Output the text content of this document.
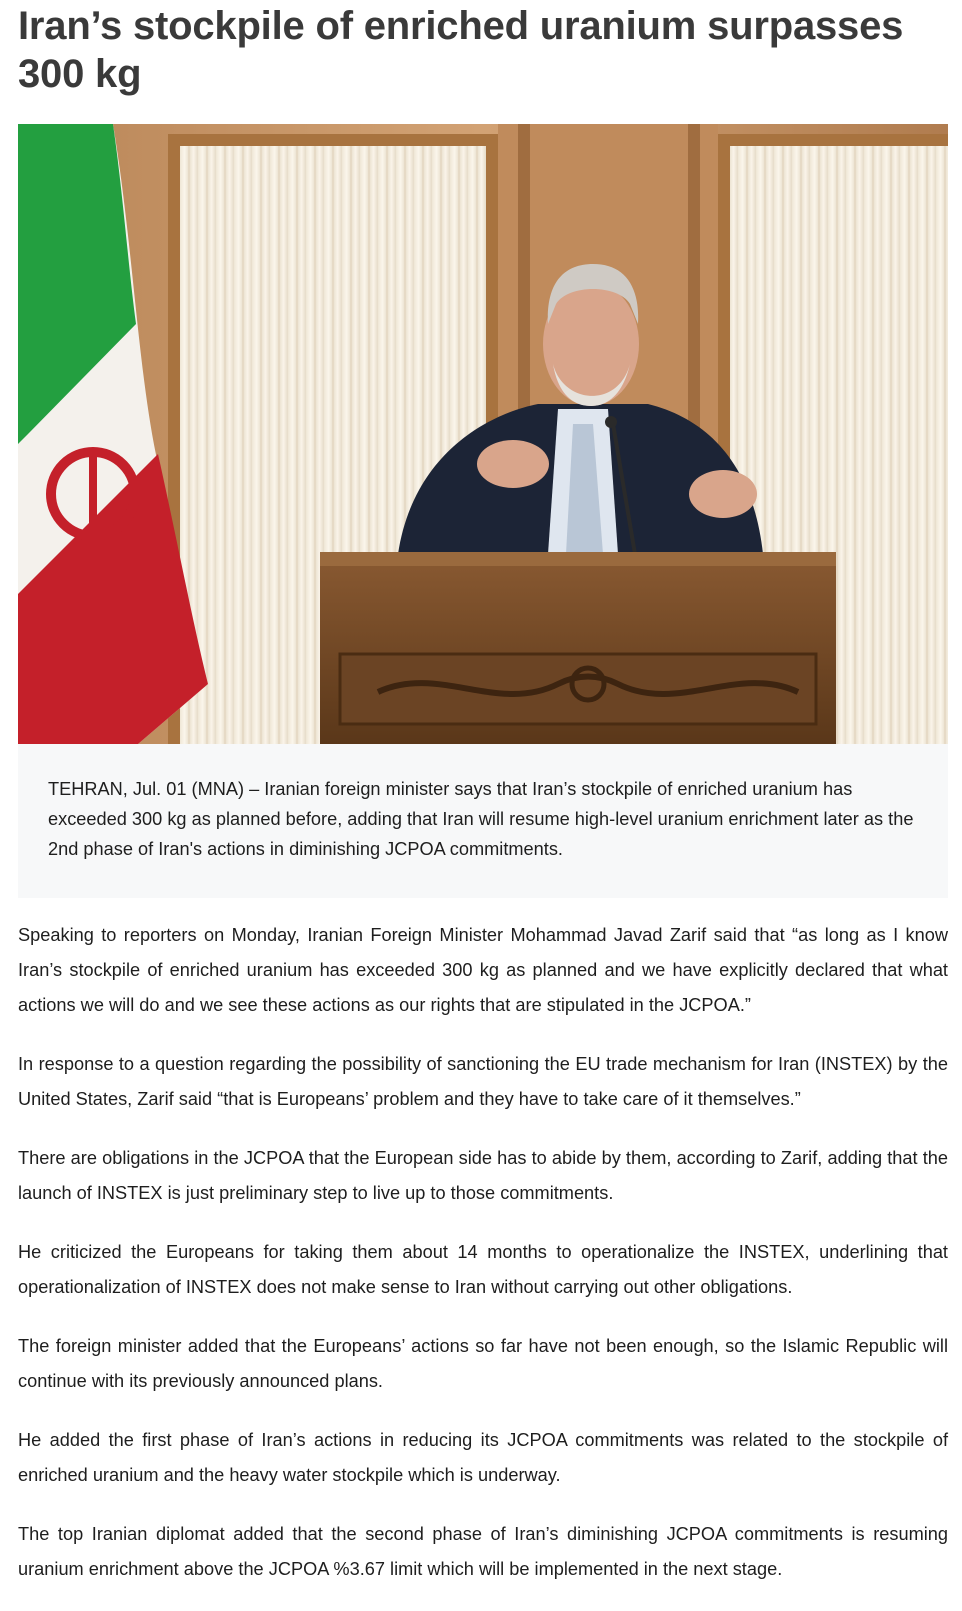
Iran’s stockpile of enriched uranium surpasses 300 kg

TEHRAN, Jul. 01 (MNA) – Iranian foreign minister says that Iran’s stockpile of enriched uranium has exceeded 300 kg as planned before, adding that Iran will resume high-level uranium enrichment later as the 2nd phase of Iran's actions in diminishing JCPOA commitments.

Speaking to reporters on Monday, Iranian Foreign Minister Mohammad Javad Zarif said that “as long as I know Iran’s stockpile of enriched uranium has exceeded 300 kg as planned and we have explicitly declared that what actions we will do and we see these actions as our rights that are stipulated in the JCPOA.”

In response to a question regarding the possibility of sanctioning the EU trade mechanism for Iran (INSTEX) by the United States, Zarif said “that is Europeans’ problem and they have to take care of it themselves.”

There are obligations in the JCPOA that the European side has to abide by them, according to Zarif, adding that the launch of INSTEX is just preliminary step to live up to those commitments.

He criticized the Europeans for taking them about 14 months to operationalize the INSTEX, underlining that operationalization of INSTEX does not make sense to Iran without carrying out other obligations.

The foreign minister added that the Europeans’ actions so far have not been enough, so the Islamic Republic will continue with its previously announced plans.

He added the first phase of Iran’s actions in reducing its JCPOA commitments was related to the stockpile of enriched uranium and the heavy water stockpile which is underway.

The top Iranian diplomat added that the second phase of Iran’s diminishing JCPOA commitments is resuming uranium enrichment above the JCPOA %3.67 limit which will be implemented in the next stage.
